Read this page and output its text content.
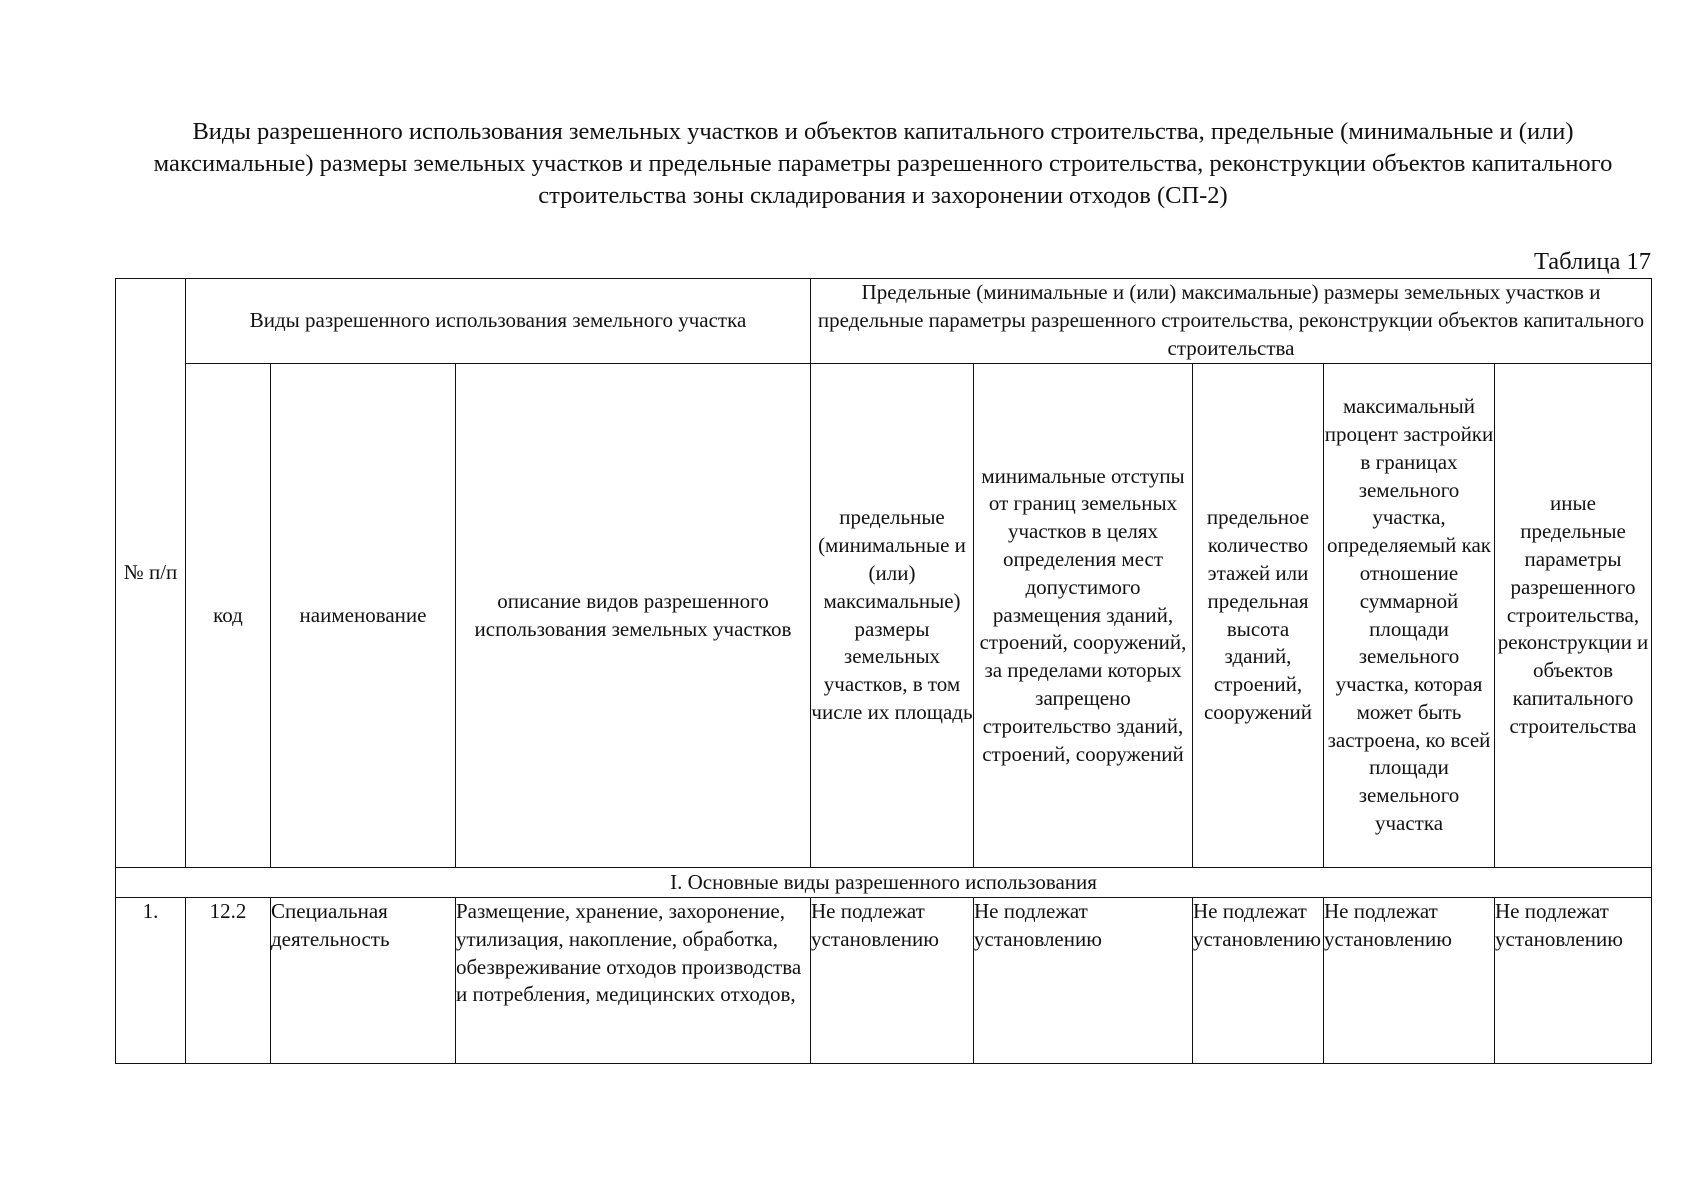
Виды разрешенного использования земельных участков и объектов капитального строительства, предельные (минимальные и (или) максимальные) размеры земельных участков и предельные параметры разрешенного строительства, реконструкции объектов капитального строительства зоны складирования и захоронении отходов (СП-2)
Таблица 17
№ п/п	Виды разрешенного использования земельного участка			Предельные (минимальные и (или) максимальные) размеры земельных участков и предельные параметры разрешенного строительства, реконструкции объектов капитального строительства				
	код	наименование	описание видов разрешенного использования земельных участков	предельные (минимальные и (или) максимальные) размеры земельных участков, в том числе их площадь	минимальные отступы от границ земельных участков в целях определения мест допустимого размещения зданий, строений, сооружений, за пределами которых запрещено строительство зданий, строений, сооружений	предельное количество этажей или предельная высота зданий, строений, сооружений	максимальный процент застройки в границах земельного участка, определяемый как отношение суммарной площади земельного участка, которая может быть застроена, ко всей площади земельного участка	иные предельные параметры разрешенного строительства, реконструкции и объектов капитального строительства
I. Основные виды разрешенного использования								
1.	12.2	Специальная деятельность	Размещение, хранение, захоронение, утилизация, накопление, обработка, обезвреживание отходов производства и потребления, медицинских отходов,	Не подлежат установлению	Не подлежат установлению	Не подлежат установлению	Не подлежат установлению	Не подлежат установлению
